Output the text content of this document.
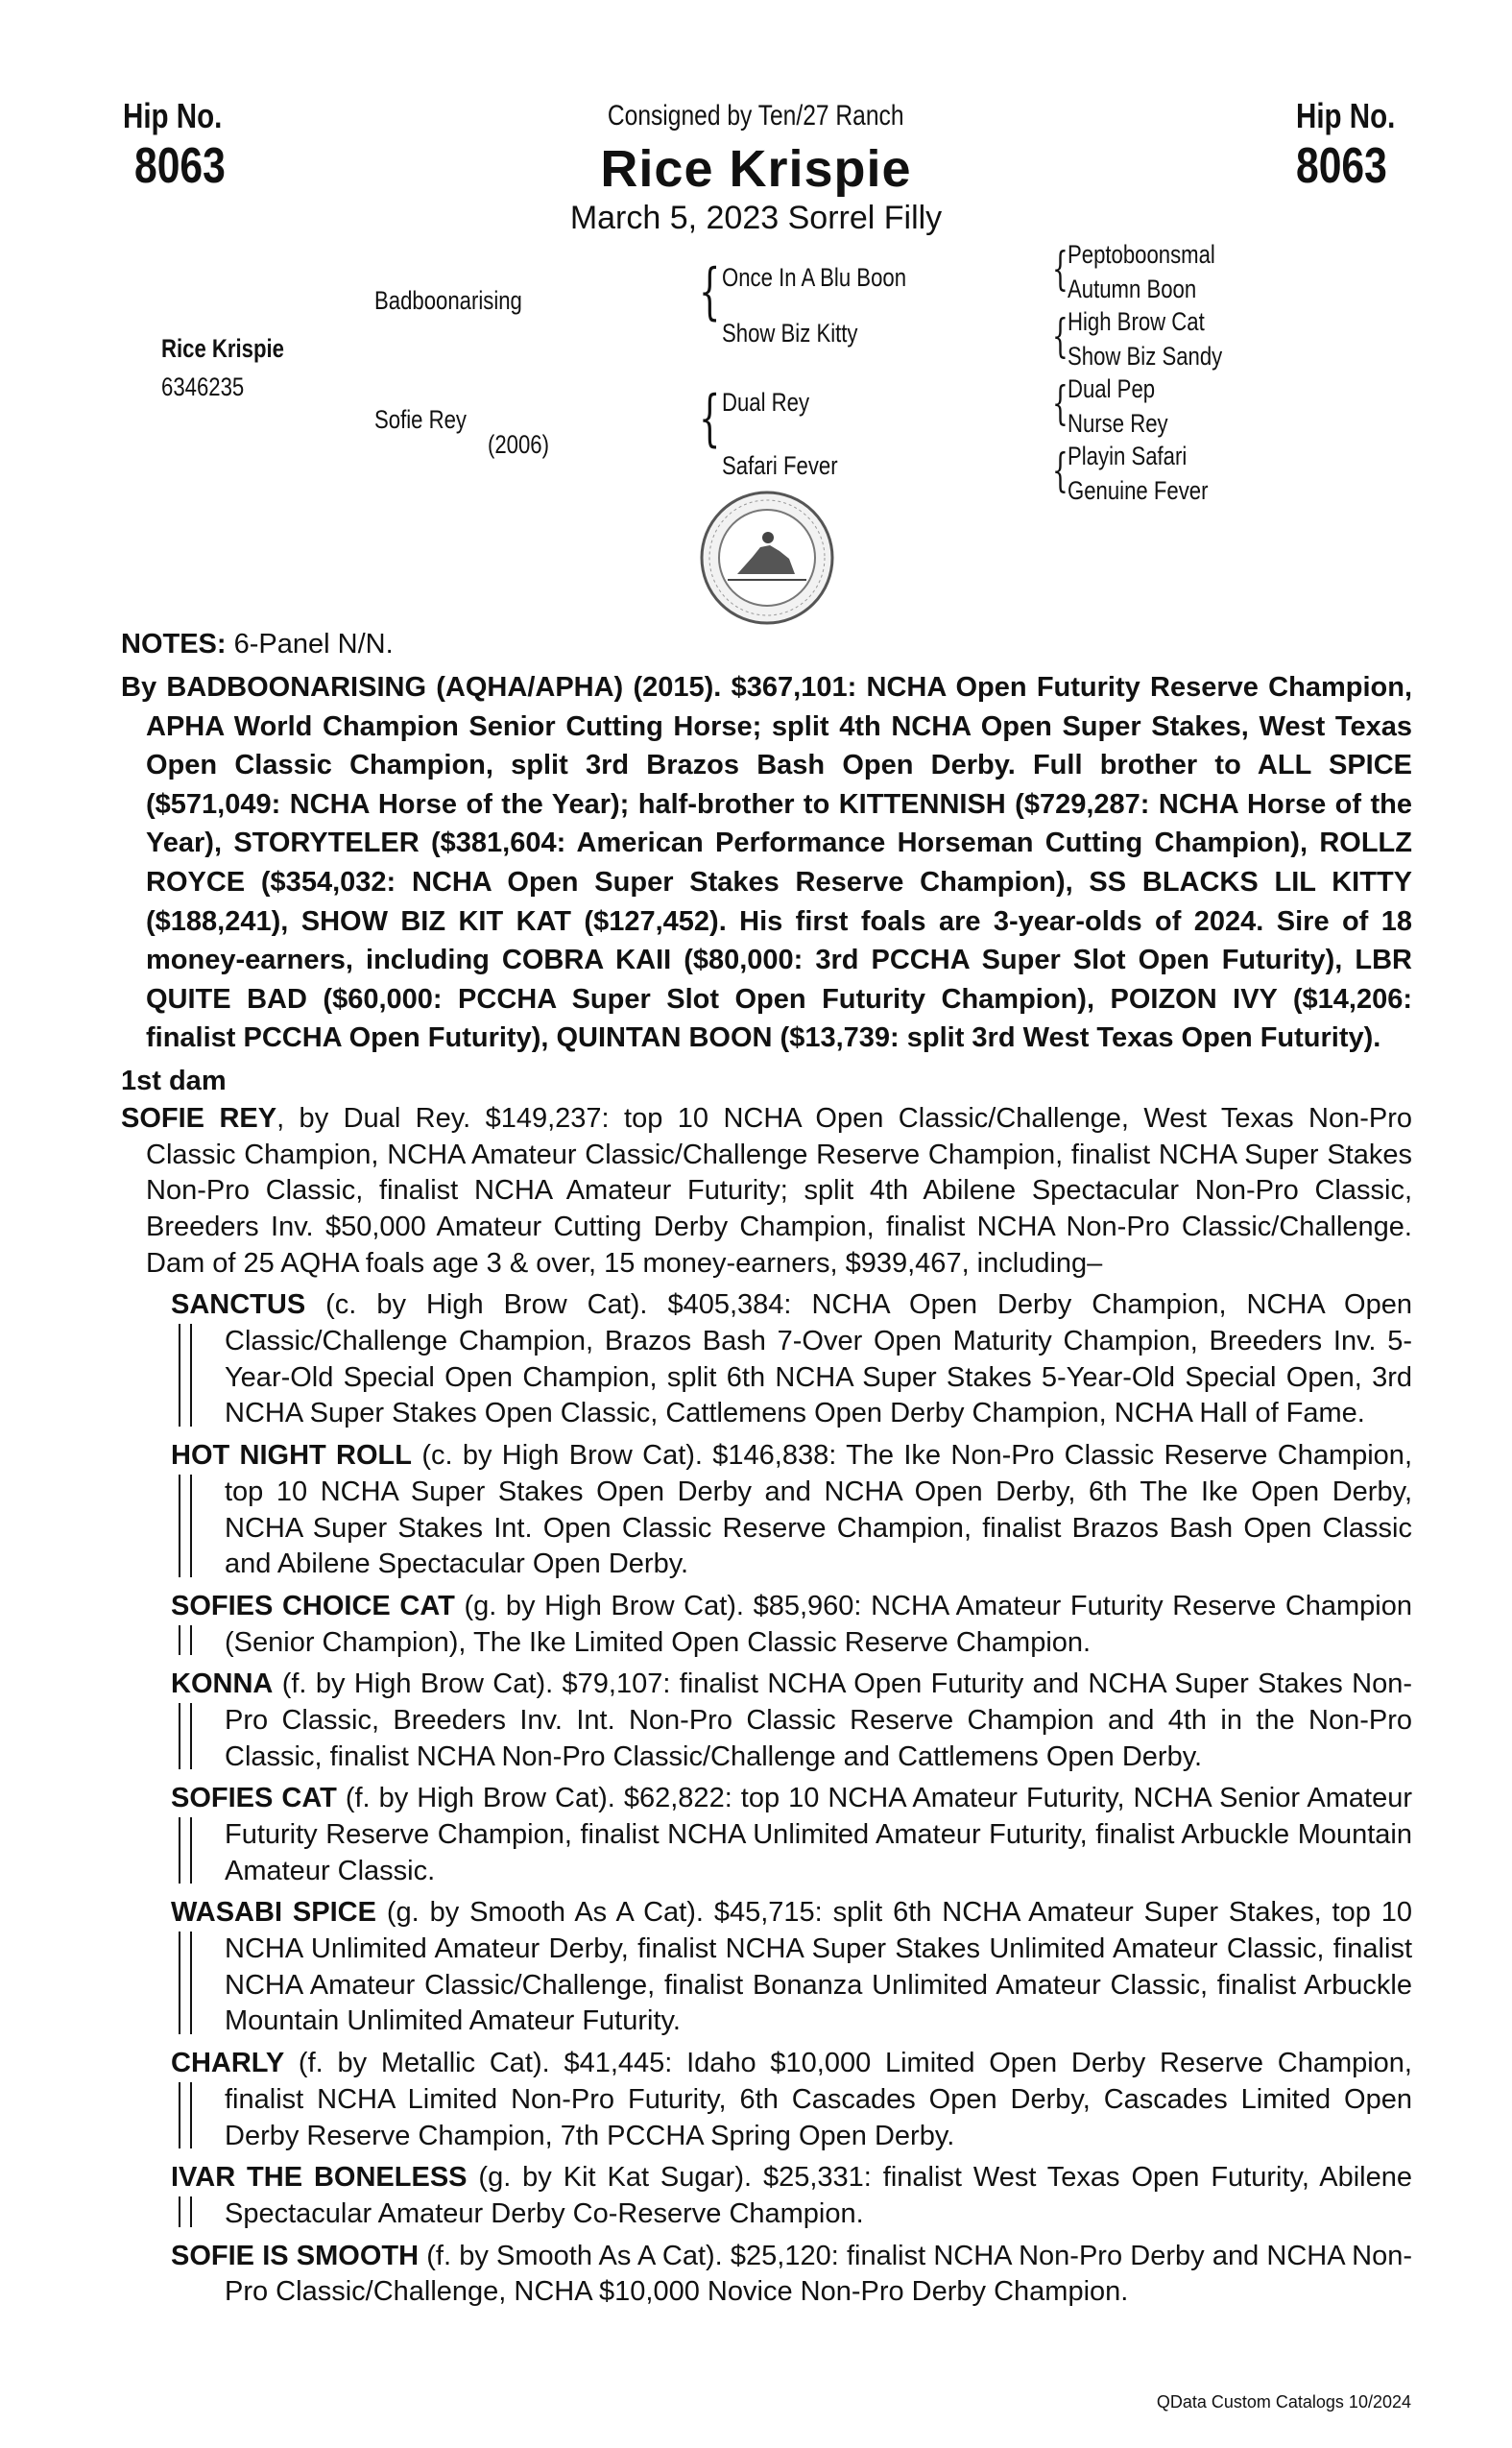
Hip No.
8063
Hip No.
8063
Consigned by Ten/27 Ranch
Rice Krispie
March 5, 2023 Sorrel Filly
Rice Krispie
6346235
Badboonarising
Sofie Rey
(2006)
{ Once In A Blu Boon
Show Biz Kitty
{ Dual Rey
Safari Fever
{ Peptoboonsmal
Autumn Boon
{ High Brow Cat
Show Biz Sandy
{ Dual Pep
Nurse Rey
{ Playin Safari
Genuine Fever

NOTES: 6-Panel N/N.

By BADBOONARISING (AQHA/APHA) (2015). $367,101: NCHA Open Futurity Reserve Champion, APHA World Champion Senior Cutting Horse; split 4th NCHA Open Super Stakes, West Texas Open Classic Champion, split 3rd Brazos Bash Open Derby. Full brother to ALL SPICE ($571,049: NCHA Horse of the Year); half-brother to KITTENNISH ($729,287: NCHA Horse of the Year), STORYTELER ($381,604: American Performance Horseman Cutting Champion), ROLLZ ROYCE ($354,032: NCHA Open Super Stakes Reserve Champion), SS BLACKS LIL KITTY ($188,241), SHOW BIZ KIT KAT ($127,452). His first foals are 3-year-olds of 2024. Sire of 18 money-earners, including COBRA KAII ($80,000: 3rd PCCHA Super Slot Open Futurity), LBR QUITE BAD ($60,000: PCCHA Super Slot Open Futurity Champion), POIZON IVY ($14,206: finalist PCCHA Open Futurity), QUINTAN BOON ($13,739: split 3rd West Texas Open Futurity).

1st dam

SOFIE REY, by Dual Rey. $149,237: top 10 NCHA Open Classic/Challenge, West Texas Non-Pro Classic Champion, NCHA Amateur Classic/Challenge Reserve Champion, finalist NCHA Super Stakes Non-Pro Classic, finalist NCHA Amateur Futurity; split 4th Abilene Spectacular Non-Pro Classic, Breeders Inv. $50,000 Amateur Cutting Derby Champion, finalist NCHA Non-Pro Classic/Challenge. Dam of 25 AQHA foals age 3 & over, 15 money-earners, $939,467, including–

SANCTUS (c. by High Brow Cat). $405,384: NCHA Open Derby Champion, NCHA Open Classic/Challenge Champion, Brazos Bash 7-Over Open Maturity Champion, Breeders Inv. 5-Year-Old Special Open Champion, split 6th NCHA Super Stakes 5-Year-Old Special Open, 3rd NCHA Super Stakes Open Classic, Cattlemens Open Derby Champion, NCHA Hall of Fame.

HOT NIGHT ROLL (c. by High Brow Cat). $146,838: The Ike Non-Pro Classic Reserve Champion, top 10 NCHA Super Stakes Open Derby and NCHA Open Derby, 6th The Ike Open Derby, NCHA Super Stakes Int. Open Classic Reserve Champion, finalist Brazos Bash Open Classic and Abilene Spectacular Open Derby.

SOFIES CHOICE CAT (g. by High Brow Cat). $85,960: NCHA Amateur Futurity Reserve Champion (Senior Champion), The Ike Limited Open Classic Reserve Champion.

KONNA (f. by High Brow Cat). $79,107: finalist NCHA Open Futurity and NCHA Super Stakes Non-Pro Classic, Breeders Inv. Int. Non-Pro Classic Reserve Champion and 4th in the Non-Pro Classic, finalist NCHA Non-Pro Classic/Challenge and Cattlemens Open Derby.

SOFIES CAT (f. by High Brow Cat). $62,822: top 10 NCHA Amateur Futurity, NCHA Senior Amateur Futurity Reserve Champion, finalist NCHA Unlimited Amateur Futurity, finalist Arbuckle Mountain Amateur Classic.

WASABI SPICE (g. by Smooth As A Cat). $45,715: split 6th NCHA Amateur Super Stakes, top 10 NCHA Unlimited Amateur Derby, finalist NCHA Super Stakes Unlimited Amateur Classic, finalist NCHA Amateur Classic/Challenge, finalist Bonanza Unlimited Amateur Classic, finalist Arbuckle Mountain Unlimited Amateur Futurity.

CHARLY (f. by Metallic Cat). $41,445: Idaho $10,000 Limited Open Derby Reserve Champion, finalist NCHA Limited Non-Pro Futurity, 6th Cascades Open Derby, Cascades Limited Open Derby Reserve Champion, 7th PCCHA Spring Open Derby.

IVAR THE BONELESS (g. by Kit Kat Sugar). $25,331: finalist West Texas Open Futurity, Abilene Spectacular Amateur Derby Co-Reserve Champion.

SOFIE IS SMOOTH (f. by Smooth As A Cat). $25,120: finalist NCHA Non-Pro Derby and NCHA Non-Pro Classic/Challenge, NCHA $10,000 Novice Non-Pro Derby Champion.

QData Custom Catalogs 10/2024
